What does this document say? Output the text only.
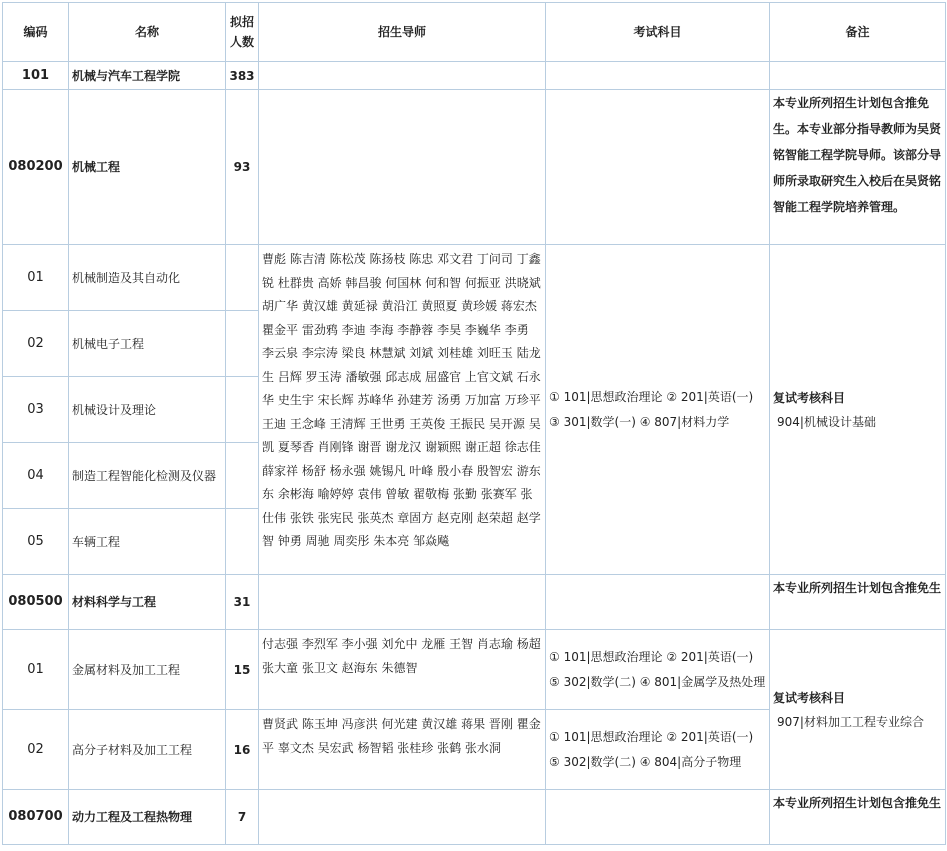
编码	名称	拟招人数	招生导师	考试科目	备注
101	机械与汽车工程学院	383			
080200	机械工程	93			本专业所列招生计划包含推免生。本专业部分指导教师为吴贤铭智能工程学院导师。该部分导师所录取研究生入校后在吴贤铭智能工程学院培养管理。
01	机械制造及其自动化		曹彪 陈吉清 陈松茂 陈扬枝 陈忠 邓文君 丁问司 丁鑫锐 杜群贵 高娇 韩昌骏 何国林 何和智 何振亚 洪晓斌 胡广华 黄汉雄 黄延禄 黄沿江 黄照夏 黄珍媛 蒋宏杰 瞿金平 雷劲鸦 李迪 李海 李静蓉 李昊 李巍华 李勇 李云泉 李宗涛 梁良 林慧斌 刘斌 刘桂雄 刘旺玉 陆龙生 吕辉 罗玉涛 潘敏强 邱志成 屈盛官 上官文斌 石永华 史生宇 宋长辉 苏峰华 孙建芳 汤勇 万加富 万珍平 王迪 王念峰 王清辉 王世勇 王英俊 王振民 吴开源 吴凯 夏琴香 肖刚锋 谢晋 谢龙汉 谢颖熙 谢正超 徐志佳 薛家祥 杨舒 杨永强 姚锡凡 叶峰 殷小春 殷智宏 游东东 余彬海 喻婷婷 袁伟 曾敏 翟敬梅 张勤 张赛军 张仕伟 张铁 张宪民 张英杰 章固方 赵克刚 赵荣超 赵学智 钟勇 周驰 周奕彤 朱本亮 邹焱飚	① 101|思想政治理论 ② 201|英语(一) ③ 301|数学(一) ④ 807|材料力学	复试考核科目
904|机械设计基础

02	机械电子工程				
03	机械设计及理论				
04	制造工程智能化检测及仪器				
05	车辆工程				
080500	材料科学与工程	31			本专业所列招生计划包含推免生
01	金属材料及加工工程	15	付志强 李烈军 李小强 刘允中 龙雁 王智 肖志瑜 杨超 张大童 张卫文 赵海东 朱德智	① 101|思想政治理论 ② 201|英语(一) ⑤ 302|数学(二) ④ 801|金属学及热处理	复试考核科目
907|材料加工工程专业综合

02	高分子材料及加工工程	16	曹贤武 陈玉坤 冯彦洪 何光建 黄汉雄 蒋果 晋刚 瞿金平 辜文杰 吴宏武 杨智韬 张桂珍 张鹤 张水洞	① 101|思想政治理论 ② 201|英语(一) ⑤ 302|数学(二) ④ 804|高分子物理	
080700	动力工程及工程热物理	7			本专业所列招生计划包含推免生
